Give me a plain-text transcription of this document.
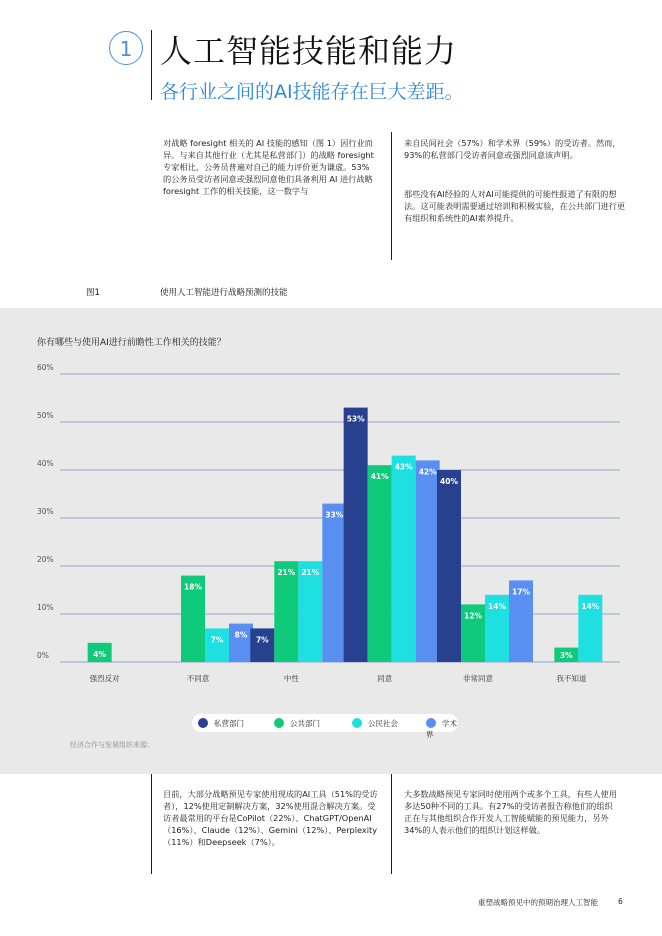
1 人工智能技能和能力
各行业之间的AI技能存在巨大差距。
对战略 foresight 相关的 AI 技能的感知（图 1）因行业而异。与来自其他行业（尤其是私营部门）的战略 foresight 专家相比，公务员普遍对自己的能力评价更为谦虚。53% 的公务员受访者同意或强烈同意他们具备利用 AI 进行战略 foresight 工作的相关技能，这一数字与
来自民间社会（57%）和学术界（59%）的受访者。然而，93%的私营部门受访者同意或强烈同意该声明。
那些没有AI经验的人对AI可能提供的可能性报道了有限的想法。这可能表明需要通过培训和积极实验，在公共部门进行更有组织和系统性的AI素养提升。
图1	使用人工智能进行战略预测的技能
你有哪些与使用AI进行前瞻性工作相关的技能？
0%
10%
20%
30%
40%
50%
60%
4%
强烈反对
18%
7%
8%
不同意
7%
21% 21%
33%
中性
53%
41%
43%
42%
同意
40%
12%
14%
17%
非常同意
3%
14%
我不知道
私营部门	公共部门	公民社会	学术界
经济合作与发展组织来源：
目前，大部分战略预见专家使用现成的AI工具（51%的受访者），12%使用定制解决方案，32%使用混合解决方案。受访者最常用的平台是CoPilot（22%）、ChatGPT/OpenAI（16%）、Claude（12%）、Gemini（12%）、Perplexity（11%）和Deepseek（7%）。
大多数战略预见专家同时使用两个或多个工具，有些人使用多达50种不同的工具。有27%的受访者报告称他们的组织正在与其他组织合作开发人工智能赋能的预见能力，另外34%的人表示他们的组织计划这样做。
重塑战略预见中的预期治理人工智能	6
